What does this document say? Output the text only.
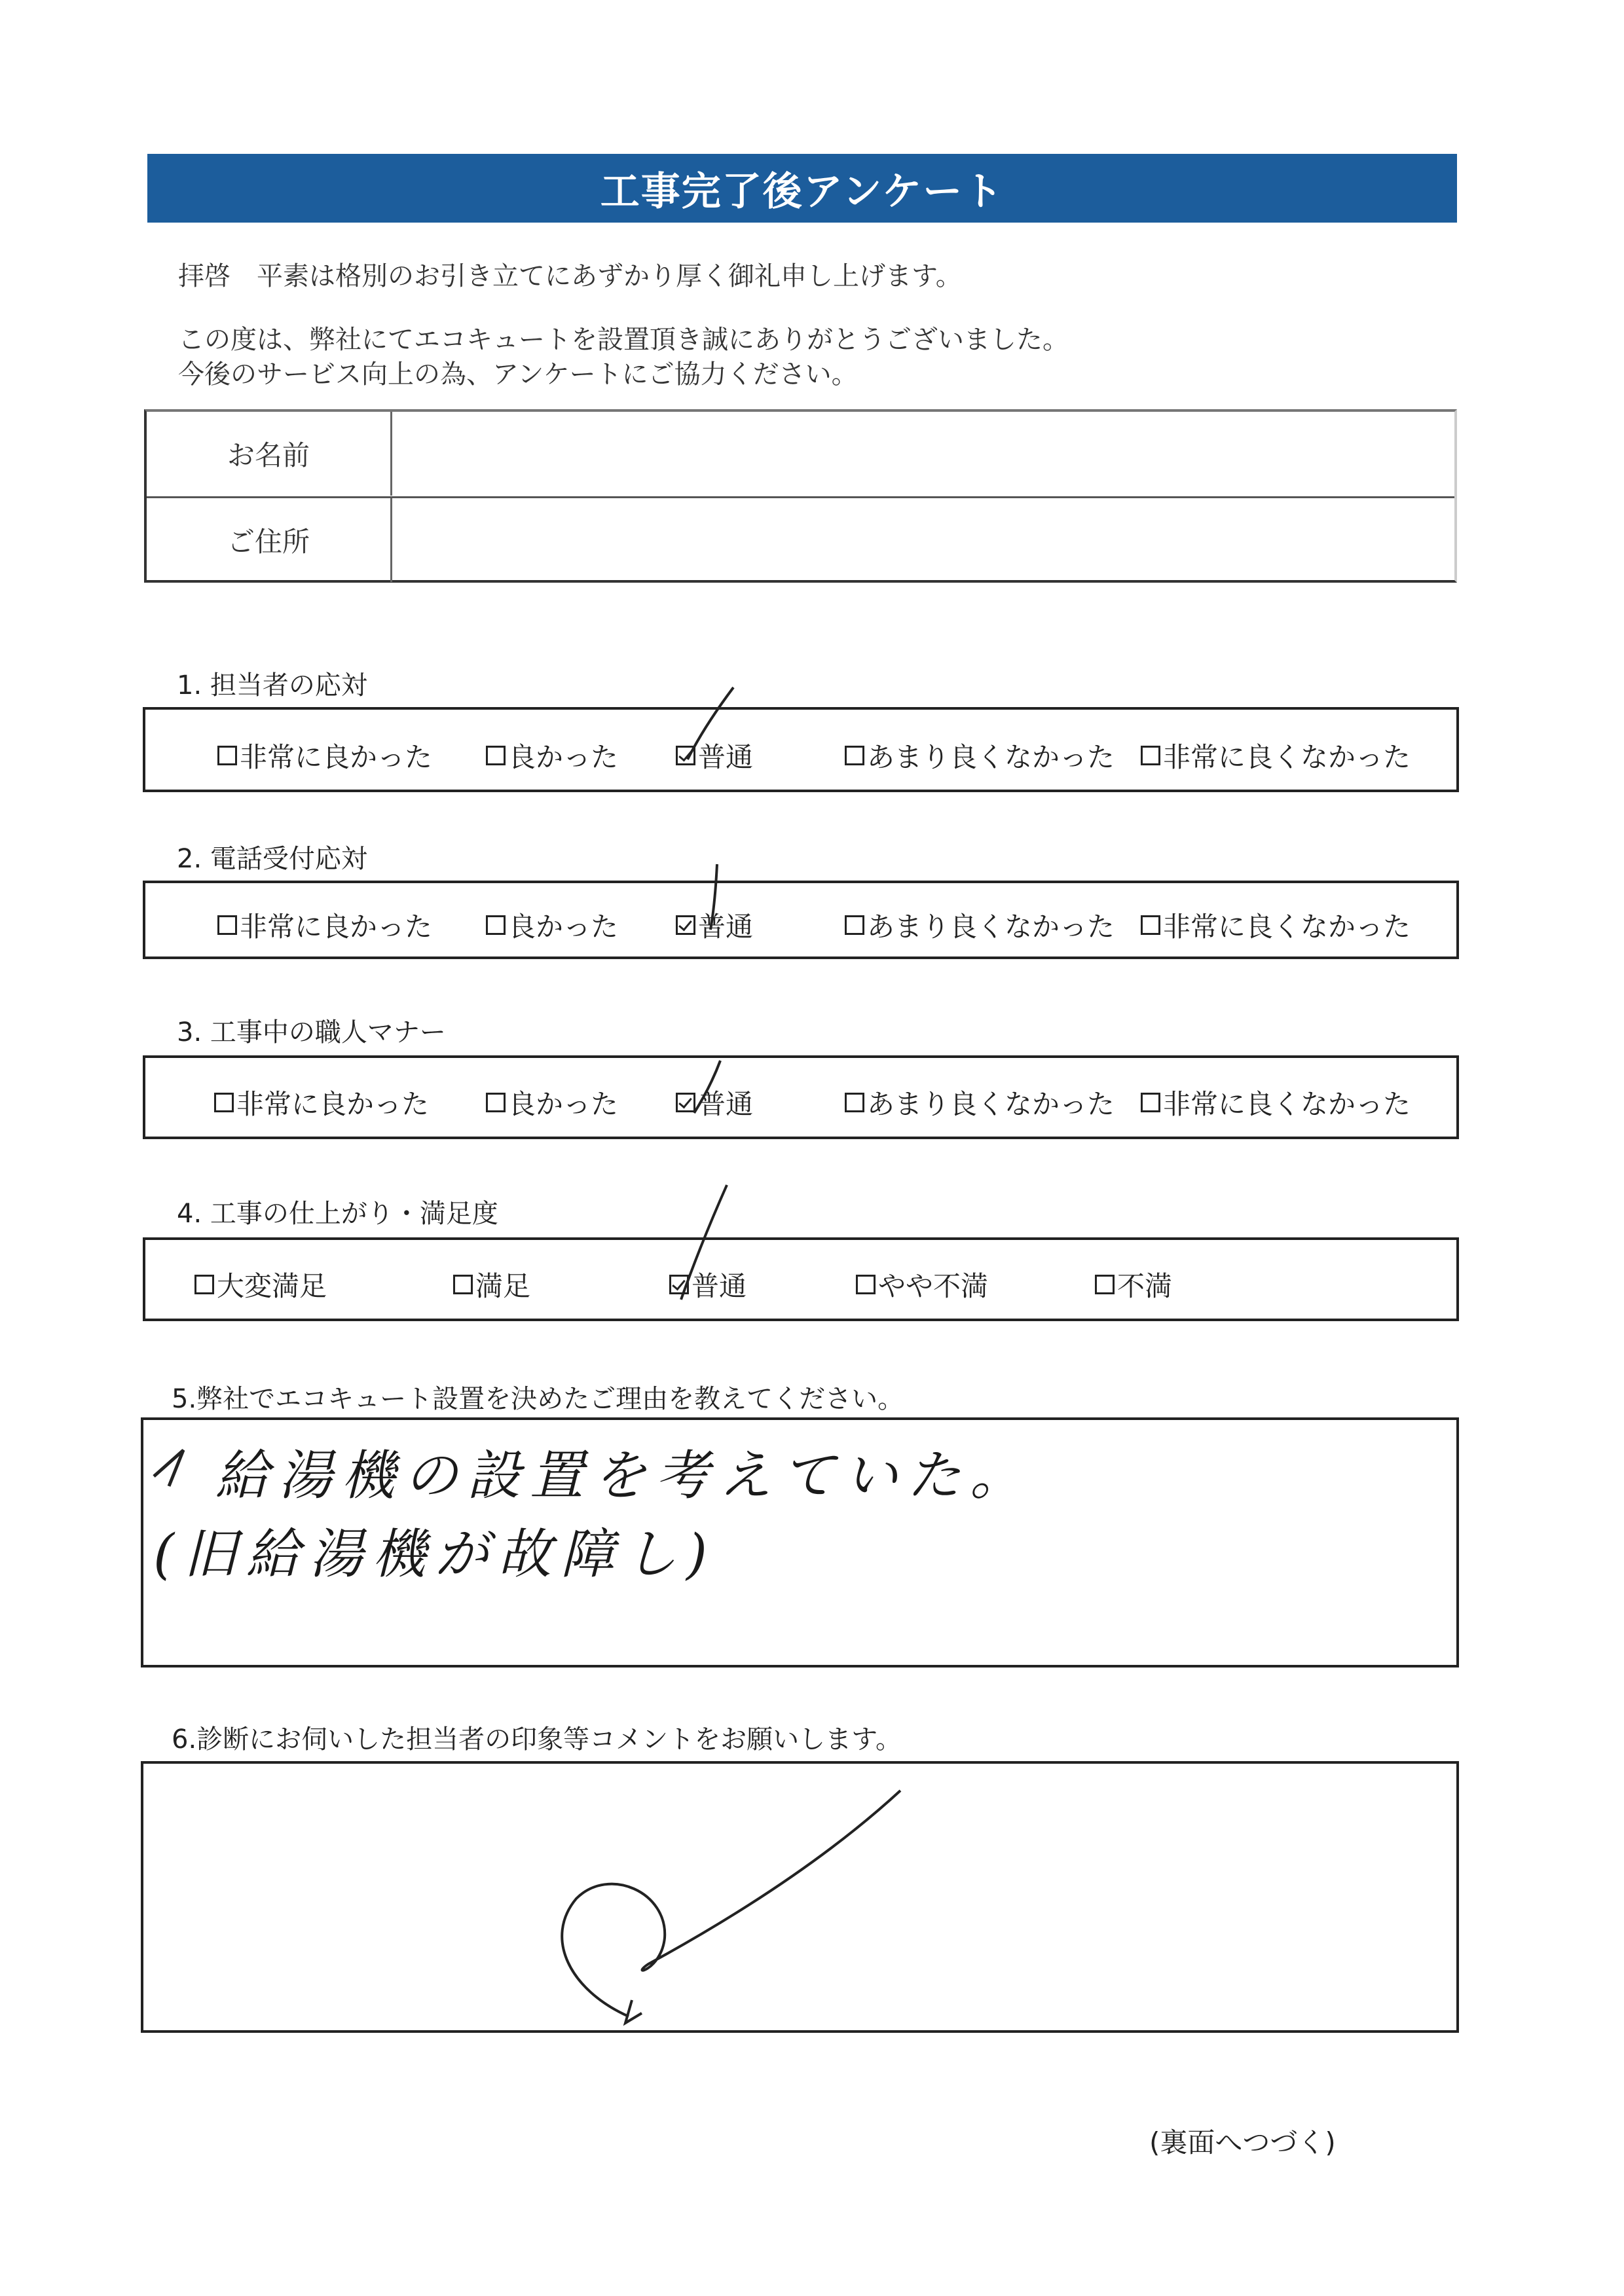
工事完了後アンケート
拝啓　平素は格別のお引き立てにあずかり厚く御礼申し上げます。
この度は、弊社にてエコキュートを設置頂き誠にありがとうございました。
今後のサービス向上の為、アンケートにご協力ください。
お名前
ご住所
1. 担当者の応対
非常に良かった	良かった	普通	あまり良くなかった 非常に良くなかった
2. 電話受付応対
非常に良かった	良かった	普通	あまり良くなかった 非常に良くなかった
3. 工事中の職人マナー
非常に良かった	良かった	普通	あまり良くなかった 非常に良くなかった
4. 工事の仕上がり・満足度
大変満足	満足	普通	やや不満	不満
5.弊社でエコキュート設置を決めたご理由を教えてください。
給湯機の設置を考えていた。
(旧給湯機が故障し)
6.診断にお伺いした担当者の印象等コメントをお願いします。
(裏面へつづく)
